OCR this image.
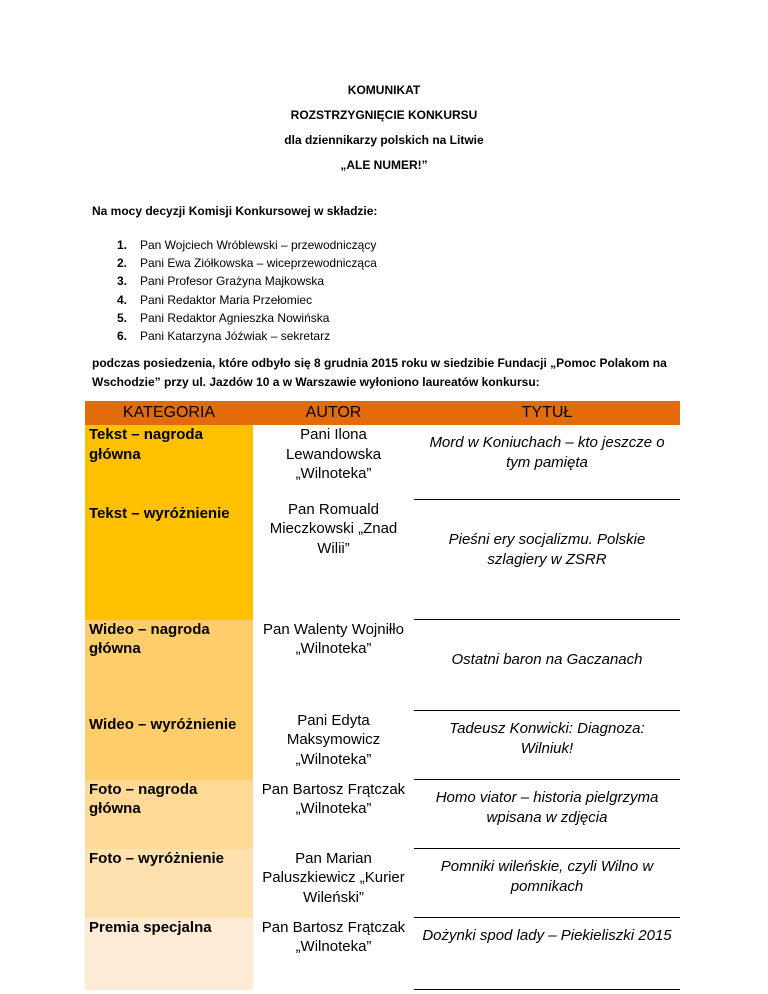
KOMUNIKAT
ROZSTRZYGNIĘCIE KONKURSU
dla dziennikarzy polskich na Litwie
„ALE NUMER!”
Na mocy decyzji Komisji Konkursowej w składzie:
1. Pan Wojciech Wróblewski – przewodniczący
2. Pani Ewa Ziółkowska – wiceprzewodnicząca
3. Pani Profesor Grażyna Majkowska
4. Pani Redaktor Maria Przełomiec
5. Pani Redaktor Agnieszka Nowińska
6. Pani Katarzyna Jóźwiak – sekretarz
podczas posiedzenia, które odbyło się 8 grudnia 2015 roku w siedzibie Fundacji „Pomoc Polakom na Wschodzie” przy ul. Jazdów 10 a w Warszawie wyłoniono laureatów konkursu:
KATEGORIA	AUTOR	TYTUŁ
Tekst – nagroda główna	Pani Ilona Lewandowska „Wilnoteka”	Mord w Koniuchach – kto jeszcze o tym pamięta
Tekst – wyróżnienie	Pan Romuald Mieczkowski „Znad Wilii”	Pieśni ery socjalizmu. Polskie szlagiery w ZSRR
Wideo – nagroda główna	Pan Walenty Wojniłło „Wilnoteka”	Ostatni baron na Gaczanach
Wideo – wyróżnienie	Pani Edyta Maksymowicz „Wilnoteka”	Tadeusz Konwicki: Diagnoza: Wilniuk!
Foto – nagroda główna	Pan Bartosz Frątczak „Wilnoteka”	Homo viator – historia pielgrzyma wpisana w zdjęcia
Foto – wyróżnienie	Pan Marian Paluszkiewicz „Kurier Wileński”	Pomniki wileńskie, czyli Wilno w pomnikach
Premia specjalna	Pan Bartosz Frątczak „Wilnoteka”	Dożynki spod lady – Piekieliszki 2015
